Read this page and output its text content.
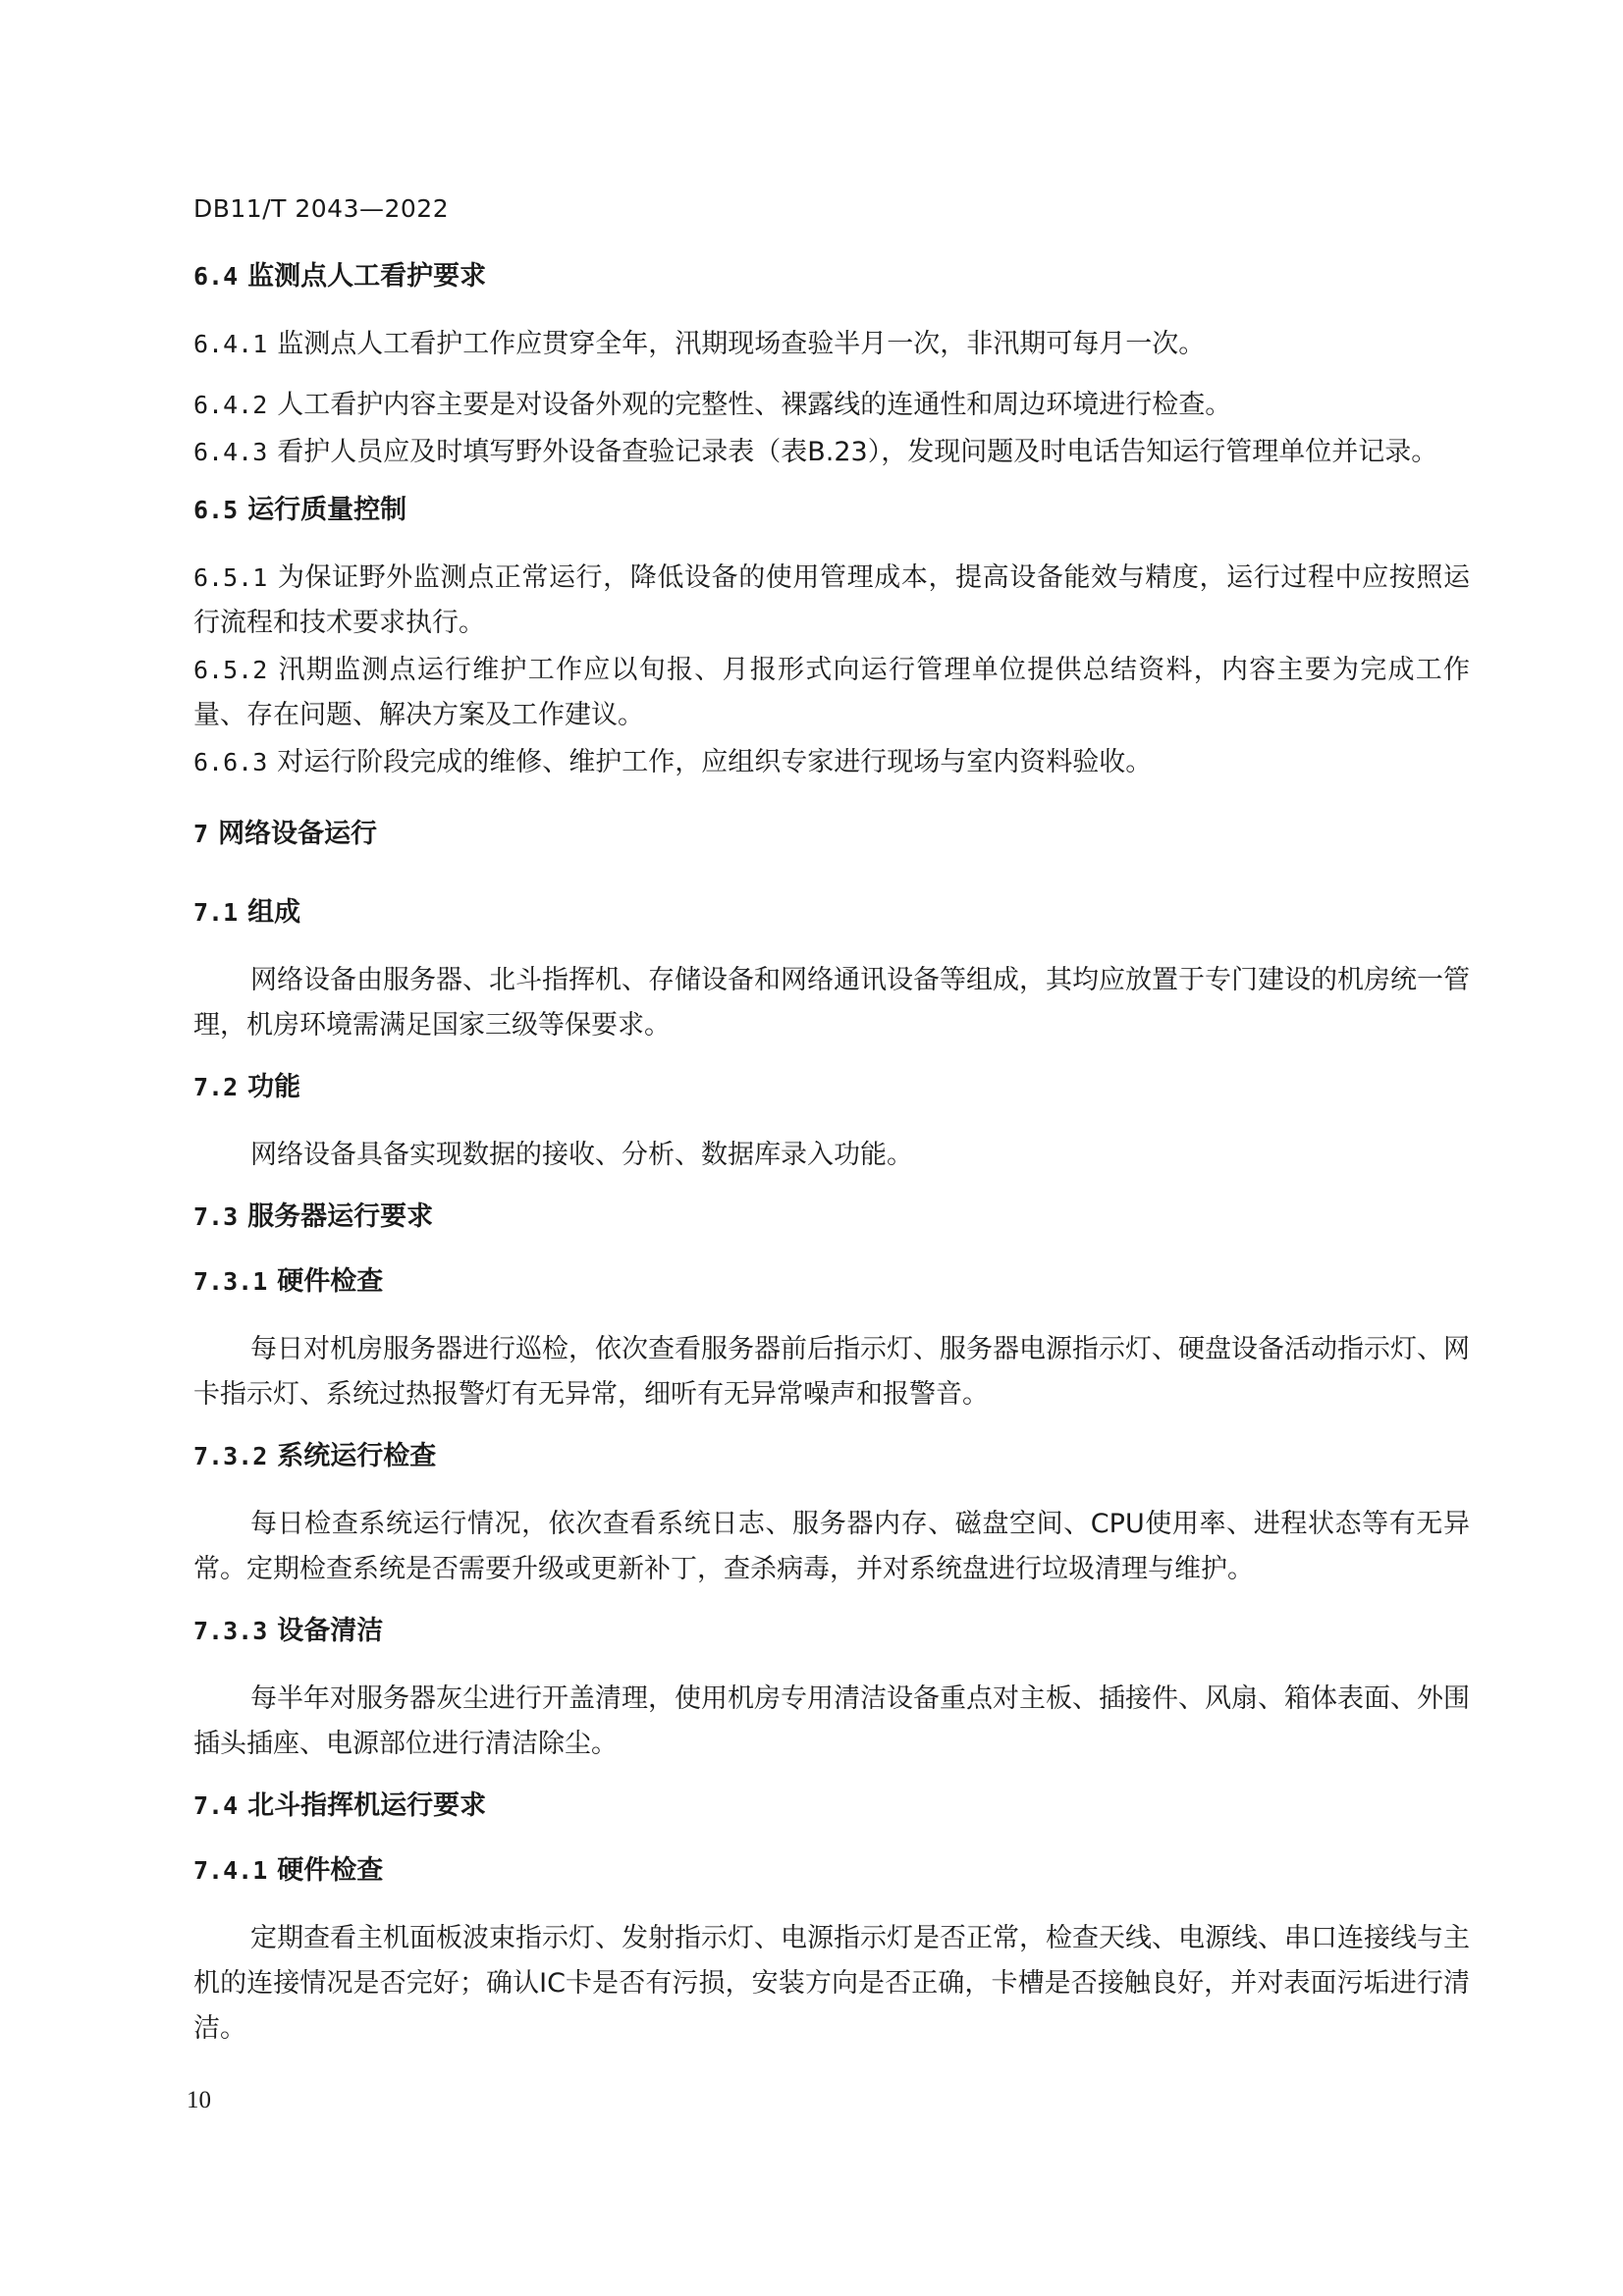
DB11/T 2043—2022
6.4 监测点人工看护要求
6.4.1 监测点人工看护工作应贯穿全年，汛期现场查验半月一次，非汛期可每月一次。
6.4.2 人工看护内容主要是对设备外观的完整性、裸露线的连通性和周边环境进行检查。
6.4.3 看护人员应及时填写野外设备查验记录表（表B.23），发现问题及时电话告知运行管理单位并记录。
6.5 运行质量控制
6.5.1 为保证野外监测点正常运行，降低设备的使用管理成本，提高设备能效与精度，运行过程中应按照运行流程和技术要求执行。
6.5.2 汛期监测点运行维护工作应以旬报、月报形式向运行管理单位提供总结资料，内容主要为完成工作量、存在问题、解决方案及工作建议。
6.6.3 对运行阶段完成的维修、维护工作，应组织专家进行现场与室内资料验收。
7 网络设备运行
7.1 组成
网络设备由服务器、北斗指挥机、存储设备和网络通讯设备等组成，其均应放置于专门建设的机房统一管理，机房环境需满足国家三级等保要求。
7.2 功能
网络设备具备实现数据的接收、分析、数据库录入功能。
7.3 服务器运行要求
7.3.1 硬件检查
每日对机房服务器进行巡检，依次查看服务器前后指示灯、服务器电源指示灯、硬盘设备活动指示灯、网卡指示灯、系统过热报警灯有无异常，细听有无异常噪声和报警音。
7.3.2 系统运行检查
每日检查系统运行情况，依次查看系统日志、服务器内存、磁盘空间、CPU使用率、进程状态等有无异常。定期检查系统是否需要升级或更新补丁，查杀病毒，并对系统盘进行垃圾清理与维护。
7.3.3 设备清洁
每半年对服务器灰尘进行开盖清理，使用机房专用清洁设备重点对主板、插接件、风扇、箱体表面、外围插头插座、电源部位进行清洁除尘。
7.4 北斗指挥机运行要求
7.4.1 硬件检查
定期查看主机面板波束指示灯、发射指示灯、电源指示灯是否正常，检查天线、电源线、串口连接线与主机的连接情况是否完好；确认IC卡是否有污损，安装方向是否正确，卡槽是否接触良好，并对表面污垢进行清洁。
10
